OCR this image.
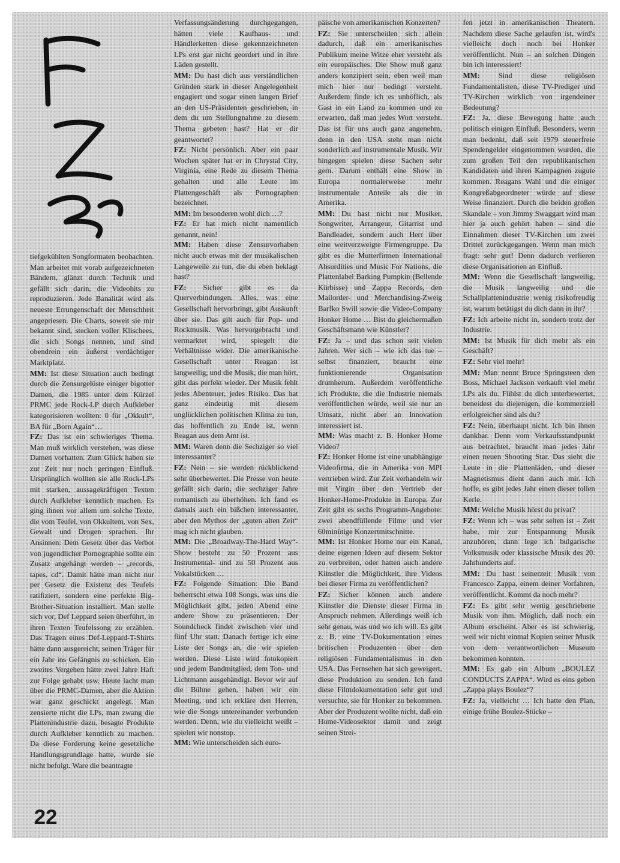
tiefgekühlten Songformaten beobachten. Man arbeitet mit vorab aufgezeichneten Bändern, glänzt durch Technik und gefällt sich darin, die Videohits zu reproduzieren. Jede Banalität wird als neueste Errungenschaft der Menschheit angepriesen. Die Charts, soweit sie mir bekannt sind, stecken voller Klischees, die sich Songs nennen, und sind obendrein ein äußerst verdächtiger Marktplatz.

MM: Ist diese Situation auch bedingt durch die Zensurgelüste einiger bigotter Damen, die 1985 unter dem Kürzel PRMC jede Rock-LP durch Aufkleber kategorisieren wollten: 0 für „Okkult“, BA für „Born Again“…

FZ: Das ist ein schwieriges Thema. Man muß wirklich verstehen, was diese Damen vorhatten. Zum Glück haben sie zur Zeit nur noch geringen Einfluß. Ursprünglich wollten sie alle Rock-LPs mit starken, aussagekräftigen Texten durch Aufkleber kenntlich machen. Es ging ihnen vor allem um solche Texte, die vom Teufel, von Okkultem, von Sex, Gewalt und Drogen sprachen. Ihr Ansinnen: Dem Gesetz über das Verbot von jugendlicher Pornographie sollte ein Zusatz angehängt werden – „records, tapes, cd“. Damit hätte man nicht nur per Gesetz die Existenz des Teufels ratifiziert, sondern eine perfekte Big-Brother-Situation installiert. Man stelle sich vor, Def Leppard seien überführt, in ihren Texten Teufelssong zu erzählen. Das Tragen eines Def-Leppard-T-Shirts hätte dann ausgereicht, seinen Träger für ein Jahr ins Gefängnis zu schicken. Ein zweites Vergehen hätte zwei Jahre Haft zur Folge gehabt usw. Heute lacht man über die PRMC-Damen, aber die Aktion war ganz geschickt angelegt. Man zensierte nicht die LPs, man zwang die Plattenindustrie dazu, besagte Produkte durch Aufkleber kenntlich zu machen. Da diese Forderung keine gesetzliche Handlungsgrundlage hatte, wurde sie nicht befolgt. Ware die beantragte

Verfassungsänderung durchgegangen, hätten viele Kaufhaus- und Händlerketten diese gekennzeichneten LPs erst gar nicht geordert und in ihre Läden gestellt.

MM: Du hast dich aus verständlichen Gründen stark in dieser Angelegenheit engagiert und sogar einen langen Brief an den US-Präsidenten geschrieben, in dem du um Stellungnahme zu diesem Thema gebeten hast? Hat er dir geantwortet?

FZ: Nicht persönlich. Aber ein paar Wochen später hat er in Chrystal City, Virginia, eine Rede zu diesem Thema gehalten und alle Leute im Plattengeschäft als Pornographen bezeichnet.

MM: Im besonderen wohl dich …?

FZ: Er hat mich nicht namentlich genannt, nein!

MM: Haben diese Zensurvorhaben nicht auch etwas mit der musikalischen Langeweile zu tun, die du eben beklagt hast?

FZ: Sicher gibt es da Querverbindungen. Alles, was eine Gesellschaft hervorbringt, gibt Auskunft über sie. Das gilt auch für Pop- und Rockmusik. Was hervorgebracht und vermarktet wird, spiegelt die Verhältnisse wider. Die amerikanische Gesellschaft unter Reagan ist langweilig, und die Musik, die man hört, gibt das perfekt wieder. Der Musik fehlt jedes Abenteuer, jedes Risiko. Das hat ganz eindeutig mit diesem unglücklichen politischen Klima zu tun, das hoffentlich zu Ende ist, wenn Reagan aus dem Amt ist.

MM: Waren denn die Sechziger so viel interessanter?

FZ: Nein – sie werden rückblickend sehr überbewertet. Die Presse von heute gefällt sich darin, die sechziger Jahre romantisch zu überhöhen. Ich fand es damals auch ein bißchen interessanter, aber den Mythos der „guten alten Zeit“ mag ich nicht glauben.

MM: Die „Broadway-The-Hard Way“-Show besteht zu 50 Prozent aus Instrumental- und zu 50 Prozent aus Vokalstücken …

FZ: Folgende Situation: Die Band beherrscht etwa 108 Songs, was uns die Möglichkeit gibt, jeden Abend eine andere Show zu präsentieren. Der Soundcheck findet zwischen vier und fünf Uhr statt. Danach fertige ich eine Liste der Songs an, die wir spielen werden. Diese Liste wird fotokopiert und jedem Bandmitglied, dem Ton- und Lichtmann ausgehändigt. Bevor wir auf die Bühne gehen, haben wir ein Meeting, und ich erkläre den Herren, wie die Songs untereinander verbunden werden. Denn, wie du vielleicht weißt – spielen wir nonstop.

MM: Wie unterscheiden sich euro-

päische von amerikanischen Konzerten?

FZ: Sie unterscheiden sich allein dadurch, daß ein amerikanisches Publikum meine Witze eher versteht als ein europäisches. Die Show muß ganz anders konzipiert sein, eben weil man mich hier nur bedingt versteht. Außerdem finde ich es unhöflich, als Gast in ein Land zu kommen und zu erwarten, daß man jedes Wort versteht. Das ist für uns auch ganz angenehm, denn in den USA steht man nicht sonderlich auf instrumentale Musik. Wir hingegen spielen diese Sachen sehr gern. Darum enthält eine Show in Europa normalerweise mehr instrumentale Anteile als die in Amerika.

MM: Du hast nicht nur Musiker, Songwriter, Arrangeur, Gitarrist und Bandleader, sondern auch Herr über eine weitverzweigte Firmengruppe. Da gibt es die Mutterfirmen International Absurdities und Music For Nations, die Plattenlabel Barking Pumpkin (Bellende Kürbisse) und Zappa Records, den Mailorder- und Merchandising-Zweig Barfko Swill sowie die Video-Company Honker Home … Bist du gleichermaßen Geschäftsmann wie Künstler?

FZ: Ja – und das schon seit vielen Jahren. Wer sich – wie ich das tue – selbst finanziert, braucht eine funktionierende Organisation drumherum. Außerdem veröffentliche ich Produkte, die die Industrie niemals veröffentlichen würde, weil sie nur an Umsatz, nicht aber an Innovation interessiert ist.

MM: Was macht z. B. Honker Home Video?

FZ: Honker Home ist eine unabhängige Videofirma, die in Amerika von MPI vertrieben wird. Zur Zeit verhandeln wir mit Virgin über den Vertrieb der Honker-Home-Produkte in Europa. Zur Zeit gibt es sechs Programm-Angebote: zwei abendfüllende Filme und vier 60minütige Konzertmitschnitte.

MM: Ist Honker Home nur ein Kanal, deine eigenen Ideen auf diesem Sektor zu verbreiten, oder hatten auch andere Künstler die Möglichkeit, ihre Videos bei dieser Firma zu veröffentlichen?

FZ: Sicher können auch andere Künstler die Dienste dieser Firma in Anspruch nehmen. Allerdings weiß ich sehr genau, was und wo ich will. Es gibt z. B. eine TV-Dokumentation eines britischen Produzenten über den religiösen Fundamentalismus in den USA. Das Fernsehen hat sich geweigert, diese Produktion zu senden. Ich fand diese Filmdokumentation sehr gut und versuchte, sie für Honker zu bekommen. Aber der Produzent wollte nicht, daß ein Home-Videosektor damit und zeigt seinen Strei-

fen jetzt in amerikanischen Theatern. Nachdem diese Sache gelaufen ist, wird's vielleicht doch noch bei Honker veröffentlicht. Nun – an solchen Dingen bin ich interessiert!

MM: Sind diese religiösen Fundamentalisten, diese TV-Prediger und TV-Kirchen wirklich von irgendeiner Bedeutung?

FZ: Ja, diese Bewegung hatte auch politisch einigen Einfluß. Besonders, wenn man bedenkt, daß seit 1979 steuerfreie Spendengelder eingenommen wurden, die zum großen Teil den republikanischen Kandidaten und ihren Kampagnen zugute kommen. Reagans Wahl und die einiger Kongreßabgeordneter würde auf diese Weise finanziert. Durch die beiden großen Skandale – von Jimmy Swaggart wird man hier ja auch gehört haben – sind die Einnahmen dieser TV-Kirchen um zwei Drittel zurückgegangen. Wenn man mich fragt: sehr gut! Denn dadurch verlieren diese Organisationen an Einfluß.

MM: Wenn die Gesellschaft langweilig, die Musik langweilig und die Schallplattenindustrie wenig risikofreudig ist, warum betätigst du dich dann in ihr?

FZ: Ich arbeite nicht in, sondern trotz der Industrie.

MM: Ist Musik für dich mehr als ein Geschäft?

FZ: Sehr viel mehr!

MM: Man nennt Bruce Springsteen den Boss, Michael Jackson verkauft viel mehr LPs als du. Fühlst du dich unterbewertet, beneidest du diejenigen, die kommerziell erfolgreicher sind als du?

FZ: Nein, überhaupt nicht. Ich bin ihnen dankbar. Denn vom Verkaufsstandpunkt aus betrachtet, braucht man jedes Jahr einen neuen Shooting Star. Das sieht die Leute in die Plattenläden, und dieser Magnetismus dient dann auch mir. Ich hoffe, es gibt jedes Jahr einen dieser tollen Kerle.

MM: Welche Musik hörst du privat?

FZ: Wenn ich – was sehr selten ist – Zeit habe, mir zur Entspannung Musik anzuhören, dann lege ich bulgarische Volksmusik oder klassische Musik des 20. Jahrhunderts auf.

MM: Du hast seinerzeit Musik von Francesco Zappa, einem deiner Vorfahren, veröffentlicht. Kommt da noch mehr?

FZ: Es gibt sehr wenig geschriebene Musik von ihm. Möglich, daß noch ein Album erscheint. Aber es ist schwierig, weil wir nicht einmal Kopien seiner Musik von dem verantwortlichen Museum bekommen konnten.

MM: Es gab ein Album „BOULEZ CONDUCTS ZAPPA“. Wird es eins geben „Zappa plays Boulez“?

FZ: Ja, vielleicht … Ich hatte den Plan, einige frühe Boulez-Stücke –

22
